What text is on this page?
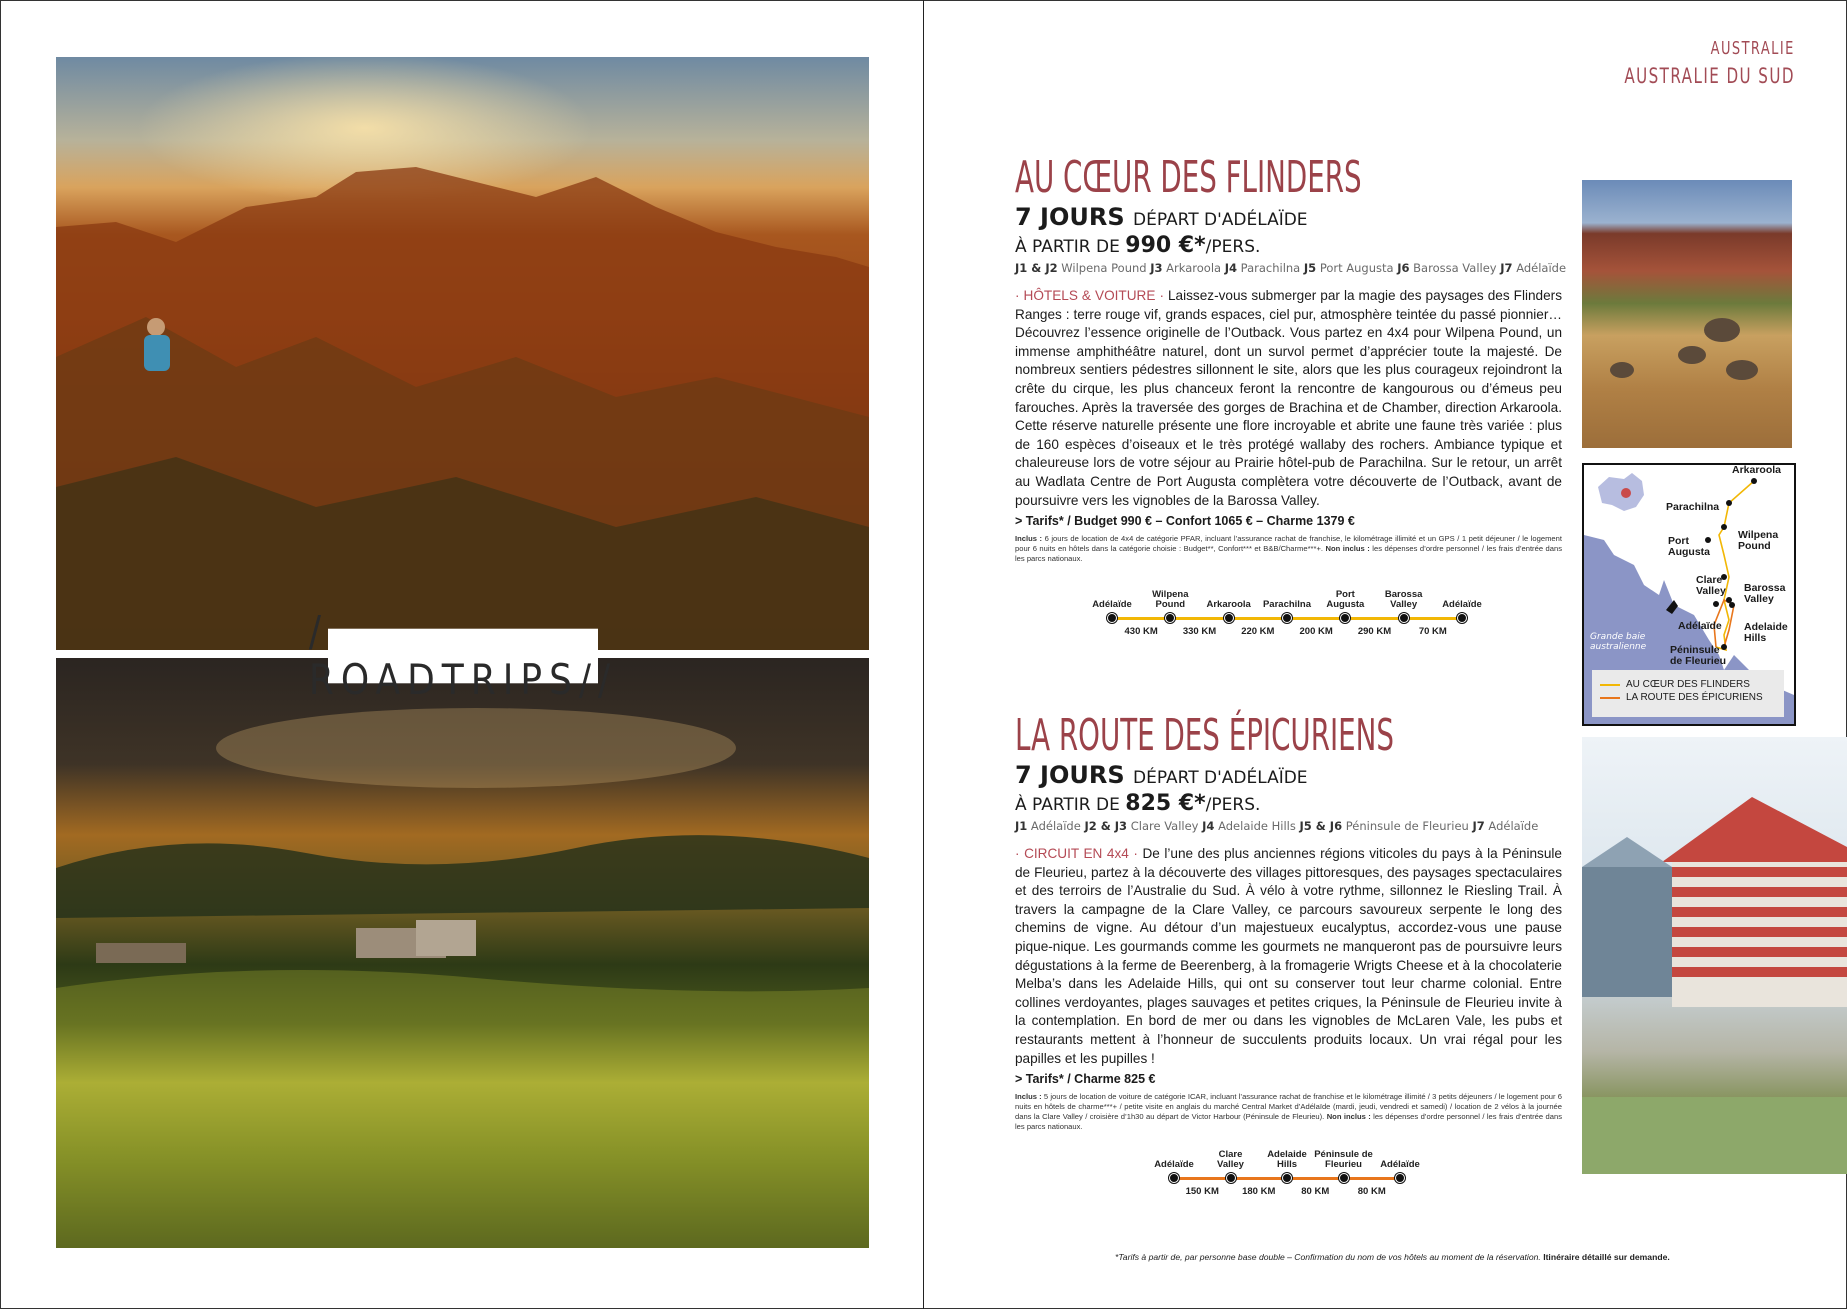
ROADTRIPS//
AUSTRALIE
AUSTRALIE DU SUD
AU CŒUR DES FLINDERS
7 JOURS DÉPART D'ADÉLAÏDE
À PARTIR DE 990 €*/PERS.
J1 & J2 Wilpena Pound J3 Arkaroola J4 Parachilna J5 Port Augusta J6 Barossa Valley J7 Adélaïde
· HÔTELS & VOITURE · Laissez-vous submerger par la magie des paysages des Flinders Ranges : terre rouge vif, grands espaces, ciel pur, atmosphère teintée du passé pionnier… Découvrez l’essence originelle de l’Outback. Vous partez en 4x4 pour Wilpena Pound, un immense amphithéâtre naturel, dont un survol permet d’apprécier toute la majesté. De nombreux sentiers pédestres sillonnent le site, alors que les plus courageux rejoindront la crête du cirque, les plus chanceux feront la rencontre de kangourous ou d’émeus peu farouches. Après la traversée des gorges de Brachina et de Chamber, direction Arkaroola. Cette réserve naturelle présente une flore incroyable et abrite une faune très variée : plus de 160 espèces d’oiseaux et le très protégé wallaby des rochers. Ambiance typique et chaleureuse lors de votre séjour au Prairie hôtel-pub de Parachilna. Sur le retour, un arrêt au Wadlata Centre de Port Augusta complètera votre découverte de l’Outback, avant de poursuivre vers les vignobles de la Barossa Valley.
> Tarifs* / Budget 990 € – Confort 1065 € – Charme 1379 €
Inclus : 6 jours de location de 4x4 de catégorie PFAR, incluant l’assurance rachat de franchise, le kilométrage illimité et un GPS / 1 petit déjeuner / le logement pour 6 nuits en hôtels dans la catégorie choisie : Budget**, Confort*** et B&B/Charme***+. Non inclus : les dépenses d’ordre personnel / les frais d’entrée dans les parcs nationaux.
Adélaïde
Wilpena
Pound	Arkaroola Parachilna
Port
Augusta
Barossa
Valley	Adélaïde
430 KM	330 KM	220 KM	200 KM	290 KM	70 KM
LA ROUTE DES ÉPICURIENS
7 JOURS DÉPART D'ADÉLAÏDE
À PARTIR DE 825 €*/PERS.
J1 Adélaïde J2 & J3 Clare Valley J4 Adelaide Hills J5 & J6 Péninsule de Fleurieu J7 Adélaïde
· CIRCUIT EN 4x4 · De l’une des plus anciennes régions viticoles du pays à la Péninsule de Fleurieu, partez à la découverte des villages pittoresques, des paysages spectaculaires et des terroirs de l’Australie du Sud. À vélo à votre rythme, sillonnez le Riesling Trail. À travers la campagne de la Clare Valley, ce parcours savoureux serpente le long des chemins de vigne. Au détour d’un majestueux eucalyptus, accordez-vous une pause pique-nique. Les gourmands comme les gourmets ne manqueront pas de poursuivre leurs dégustations à la ferme de Beerenberg, à la fromagerie Wrigts Cheese et à la chocolaterie Melba’s dans les Adelaide Hills, qui ont su conserver tout leur charme colonial. Entre collines verdoyantes, plages sauvages et petites criques, la Péninsule de Fleurieu invite à la contemplation. En bord de mer ou dans les vignobles de McLaren Vale, les pubs et restaurants mettent à l’honneur de succulents produits locaux. Un vrai régal pour les papilles et les pupilles !
> Tarifs* / Charme 825 €
Inclus : 5 jours de location de voiture de catégorie ICAR, incluant l’assurance rachat de franchise et le kilométrage illimité / 3 petits déjeuners / le logement pour 6 nuits en hôtels de charme***+ / petite visite en anglais du marché Central Market d’Adélaïde (mardi, jeudi, vendredi et samedi) / location de 2 vélos à la journée dans la Clare Valley / croisière d’1h30 au départ de Victor Harbour (Péninsule de Fleurieu). Non inclus : les dépenses d’ordre personnel / les frais d’entrée dans les parcs nationaux.
Adélaïde
Clare
Valley
Adelaide
Hills
Péninsule de
Fleurieu	Adélaïde
150 KM 180 KM	80 KM	80 KM
Arkaroola
Parachilna
Wilpena Pound
Port Augusta
Clare Valley	Barossa Valley
Adélaïde Adelaide Hills
Péninsule de Fleurieu
Grande baie australienne
AU CŒUR DES FLINDERS
LA ROUTE DES ÉPICURIENS
*Tarifs à partir de, par personne base double – Confirmation du nom de vos hôtels au moment de la réservation. Itinéraire détaillé sur demande.
